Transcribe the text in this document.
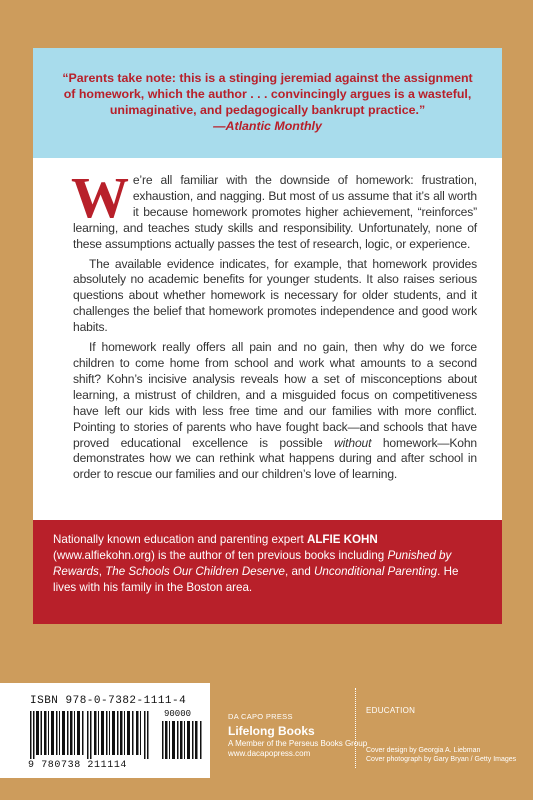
“Parents take note: this is a stinging jeremiad against the assignment of homework, which the author . . . convincingly argues is a wasteful, unimaginative, and pedagogically bankrupt practice.”
—Atlantic Monthly

We’re all familiar with the downside of homework: frustration, exhaustion, and nagging. But most of us assume that it’s all worth it because homework promotes higher achievement, “reinforces” learning, and teaches study skills and responsibility. Unfortunately, none of these assumptions actually passes the test of research, logic, or experience.

The available evidence indicates, for example, that homework provides absolutely no academic benefits for younger students. It also raises serious questions about whether homework is necessary for older students, and it challenges the belief that homework promotes independence and good work habits.

If homework really offers all pain and no gain, then why do we force children to come home from school and work what amounts to a second shift? Kohn’s incisive analysis reveals how a set of misconceptions about learning, a mistrust of children, and a misguided focus on competitiveness have left our kids with less free time and our families with more conflict. Pointing to stories of parents who have fought back—and schools that have proved educational excellence is possible without homework—Kohn demonstrates how we can rethink what happens during and after school in order to rescue our families and our children’s love of learning.

Nationally known education and parenting expert ALFIE KOHN (www.alfiekohn.org) is the author of ten previous books including Punished by Rewards, The Schools Our Children Deserve, and Unconditional Parenting. He lives with his family in the Boston area.
ISBN 978-0-7382-1111-4
9 780738 211114
90000	DA CAPO PRESS
Lifelong Books
A Member of the Perseus Books Group
www.dacapopress.com
EDUCATION
Cover design by Georgia A. Liebman
Cover photograph by Gary Bryan / Getty Images
